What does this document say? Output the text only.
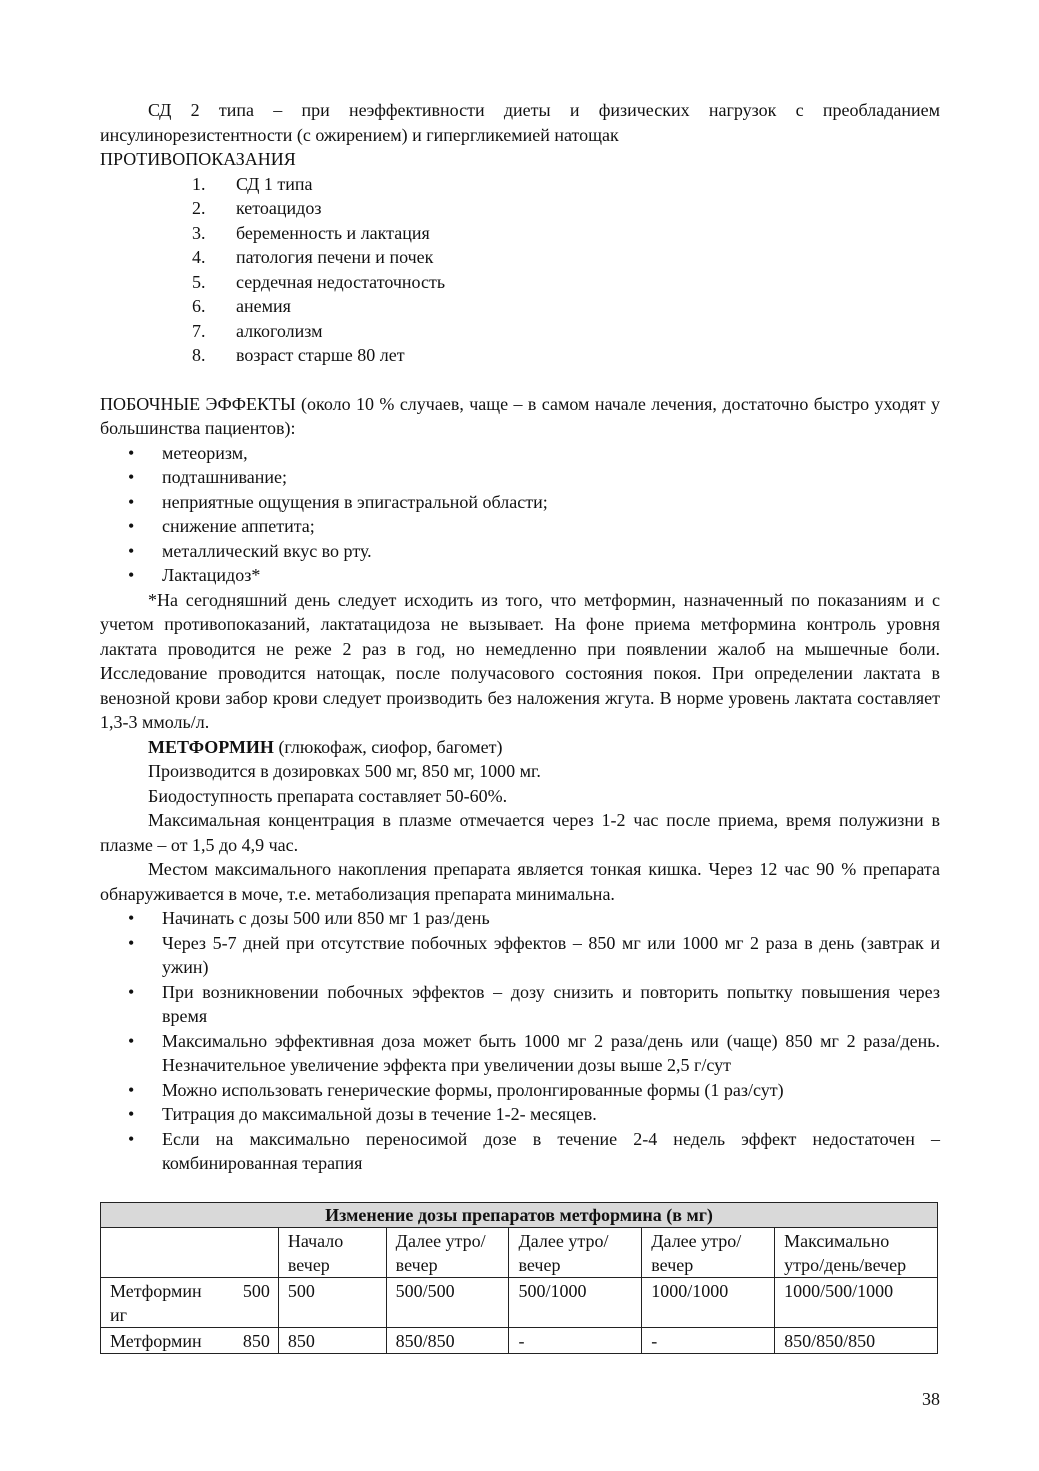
СД 2 типа – при неэффективности диеты и физических нагрузок с преобладанием инсулинорезистентности (с ожирением) и гипергликемией натощак

ПРОТИВОПОКАЗАНИЯ

1.	СД 1 типа
2.	кетоацидоз
3.	беременность и лактация
4.	патология печени и почек
5.	сердечная недостаточность
6.	анемия
7.	алкоголизм
8.	возраст старше 80 лет

ПОБОЧНЫЕ ЭФФЕКТЫ (около 10 % случаев, чаще – в самом начале лечения, достаточно быстро уходят у большинства пациентов):

• метеоризм,
• подташнивание;
• неприятные ощущения в эпигастральной области;
• снижение аппетита;
• металлический вкус во рту.
• Лактацидоз*

*На сегодняшний день следует исходить из того, что метформин, назначенный по показаниям и с учетом противопоказаний, лактатацидоза не вызывает. На фоне приема метформина контроль уровня лактата проводится не реже 2 раз в год, но немедленно при появлении жалоб на мышечные боли. Исследование проводится натощак, после получасового состояния покоя. При определении лактата в венозной крови забор крови следует производить без наложения жгута. В норме уровень лактата составляет 1,3-3 ммоль/л.

МЕТФОРМИН (глюкофаж, сиофор, багомет)

Производится в дозировках 500 мг, 850 мг, 1000 мг.

Биодоступность препарата составляет 50-60%.

Максимальная концентрация в плазме отмечается через 1-2 час после приема, время полужизни в плазме – от 1,5 до 4,9 час.

Местом максимального накопления препарата является тонкая кишка. Через 12 час 90 % препарата обнаруживается в моче, т.е. метаболизация препарата минимальна.

• Начинать с дозы 500 или 850 мг 1 раз/день
• Через 5-7 дней при отсутствие побочных эффектов – 850 мг или 1000 мг 2 раза в день (завтрак и ужин)
• При возникновении побочных эффектов – дозу снизить и повторить попытку повышения через время
• Максимально эффективная доза может быть 1000 мг 2 раза/день или (чаще) 850 мг 2 раза/день. Незначительное увеличение эффекта при увеличении дозы выше 2,5 г/сут
• Можно использовать генерические формы, пролонгированные формы (1 раз/сут)
• Титрация до максимальной дозы в течение 1-2- месяцев.
• Если на максимально переносимой дозе в течение 2-4 недель эффект недостаточен – комбинированная терапия
Изменение дозы препаратов метформина (в мг)					
	Начало вечер	Далее утро/вечер	Далее утро/вечер	Далее утро/вечер	Максимально утро/день/вечер

Метформин 500
иг	500	500/500	500/1000	1000/1000	1000/500/1000

Метформин 850	850	850/850	-	-	850/850/850
38
